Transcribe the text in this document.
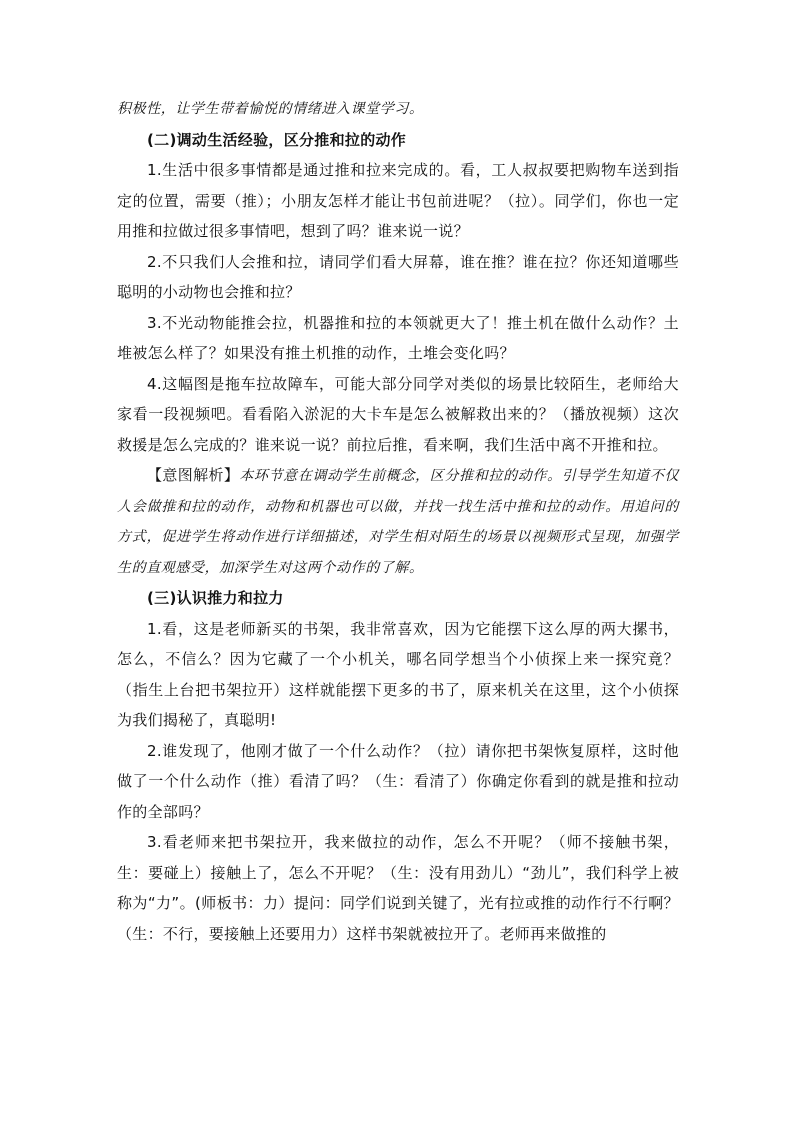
积极性，让学生带着愉悦的情绪进入课堂学习。

(二)调动生活经验，区分推和拉的动作

1.生活中很多事情都是通过推和拉来完成的。看，工人叔叔要把购物车送到指定的位置，需要（推）；小朋友怎样才能让书包前进呢？（拉）。同学们，你也一定用推和拉做过很多事情吧，想到了吗？谁来说一说？

2.不只我们人会推和拉，请同学们看大屏幕，谁在推？谁在拉？你还知道哪些聪明的小动物也会推和拉？

3.不光动物能推会拉，机器推和拉的本领就更大了！推土机在做什么动作？土堆被怎么样了？如果没有推土机推的动作，土堆会变化吗？

4.这幅图是拖车拉故障车，可能大部分同学对类似的场景比较陌生，老师给大家看一段视频吧。看看陷入淤泥的大卡车是怎么被解救出来的？（播放视频）这次救援是怎么完成的？谁来说一说？前拉后推，看来啊，我们生活中离不开推和拉。

【意图解析】本环节意在调动学生前概念，区分推和拉的动作。引导学生知道不仅人会做推和拉的动作，动物和机器也可以做，并找一找生活中推和拉的动作。用追问的方式，促进学生将动作进行详细描述，对学生相对陌生的场景以视频形式呈现，加强学生的直观感受，加深学生对这两个动作的了解。

(三)认识推力和拉力

1.看，这是老师新买的书架，我非常喜欢，因为它能摆下这么厚的两大摞书，怎么，不信么？因为它藏了一个小机关，哪名同学想当个小侦探上来一探究竟？（指生上台把书架拉开）这样就能摆下更多的书了，原来机关在这里，这个小侦探为我们揭秘了，真聪明!

2.谁发现了，他刚才做了一个什么动作？（拉）请你把书架恢复原样，这时他做了一个什么动作（推）看清了吗？（生：看清了）你确定你看到的就是推和拉动作的全部吗？

3.看老师来把书架拉开，我来做拉的动作，怎么不开呢？（师不接触书架，生：要碰上）接触上了，怎么不开呢？（生：没有用劲儿）“劲儿”，我们科学上被称为“力”。(师板书：力）提问：同学们说到关键了，光有拉或推的动作行不行啊？（生：不行，要接触上还要用力）这样书架就被拉开了。老师再来做推的
